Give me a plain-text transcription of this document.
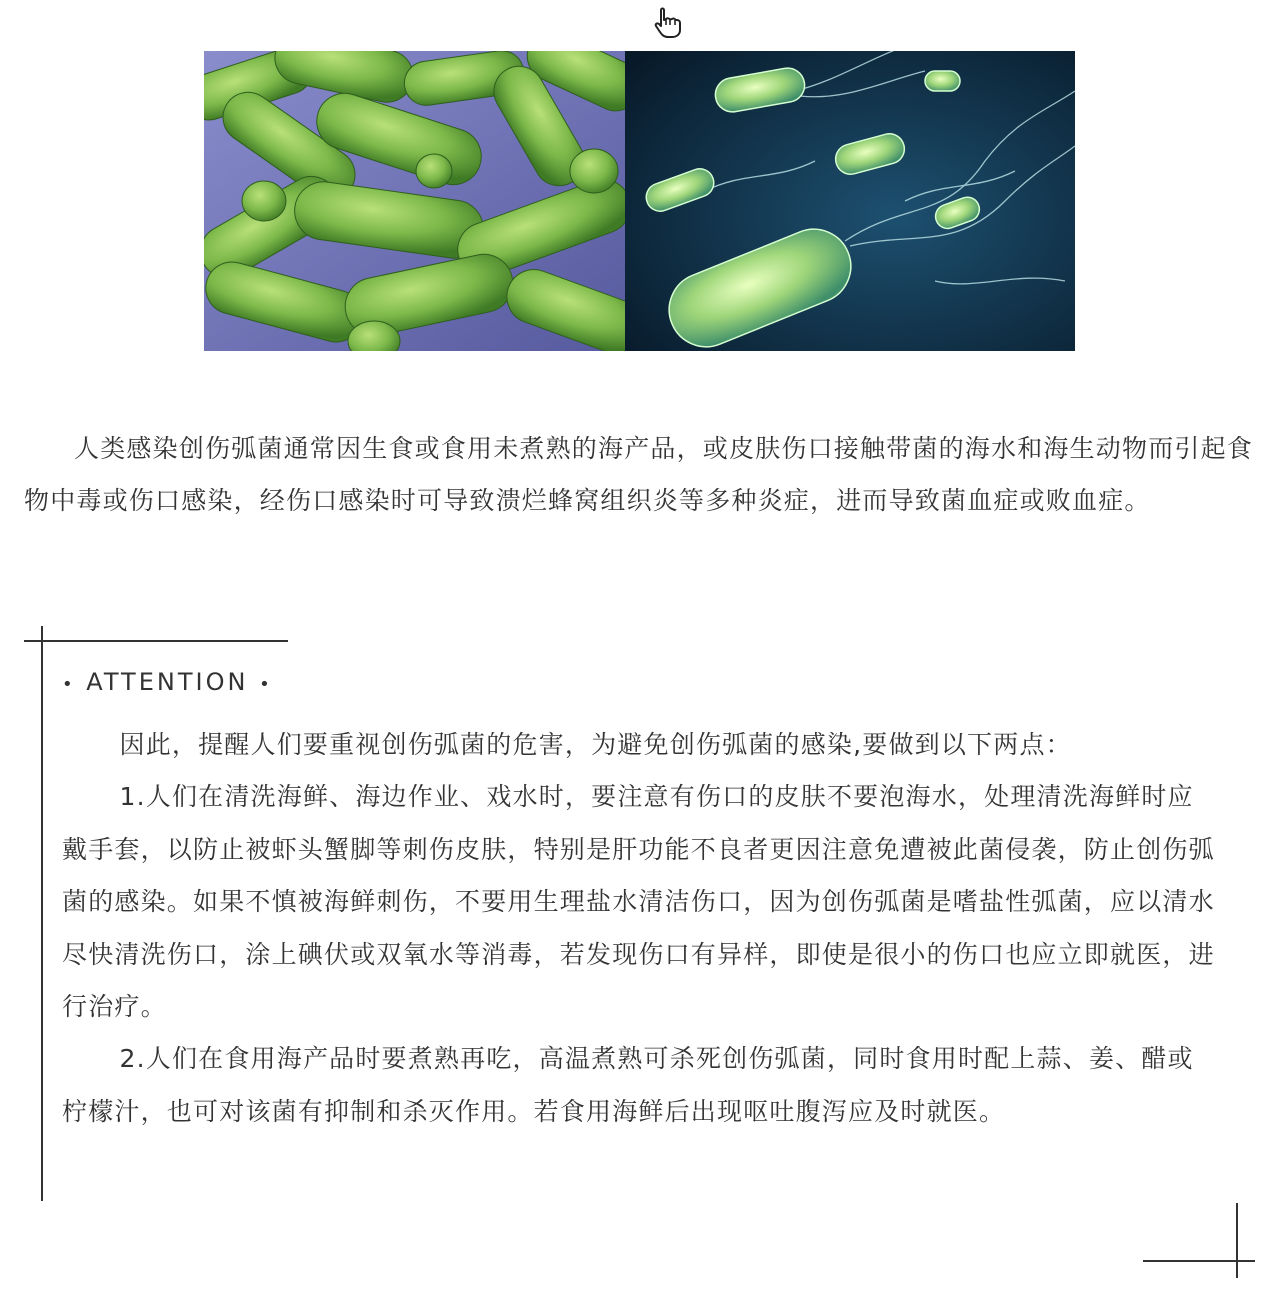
人类感染创伤弧菌通常因生食或食用未煮熟的海产品，或皮肤伤口接触带菌的海水和海生动物而引起食物中毒或伤口感染，经伤口感染时可导致溃烂蜂窝组织炎等多种炎症，进而导致菌血症或败血症。

• ATTENTION •

因此，提醒人们要重视创伤弧菌的危害，为避免创伤弧菌的感染,要做到以下两点：

1.人们在清洗海鲜、海边作业、戏水时，要注意有伤口的皮肤不要泡海水，处理清洗海鲜时应戴手套，以防止被虾头蟹脚等刺伤皮肤，特别是肝功能不良者更因注意免遭被此菌侵袭，防止创伤弧菌的感染。如果不慎被海鲜刺伤，不要用生理盐水清洁伤口，因为创伤弧菌是嗜盐性弧菌，应以清水尽快清洗伤口，涂上碘伏或双氧水等消毒，若发现伤口有异样，即使是很小的伤口也应立即就医，进行治疗。

2.人们在食用海产品时要煮熟再吃，高温煮熟可杀死创伤弧菌，同时食用时配上蒜、姜、醋或柠檬汁，也可对该菌有抑制和杀灭作用。若食用海鲜后出现呕吐腹泻应及时就医。
